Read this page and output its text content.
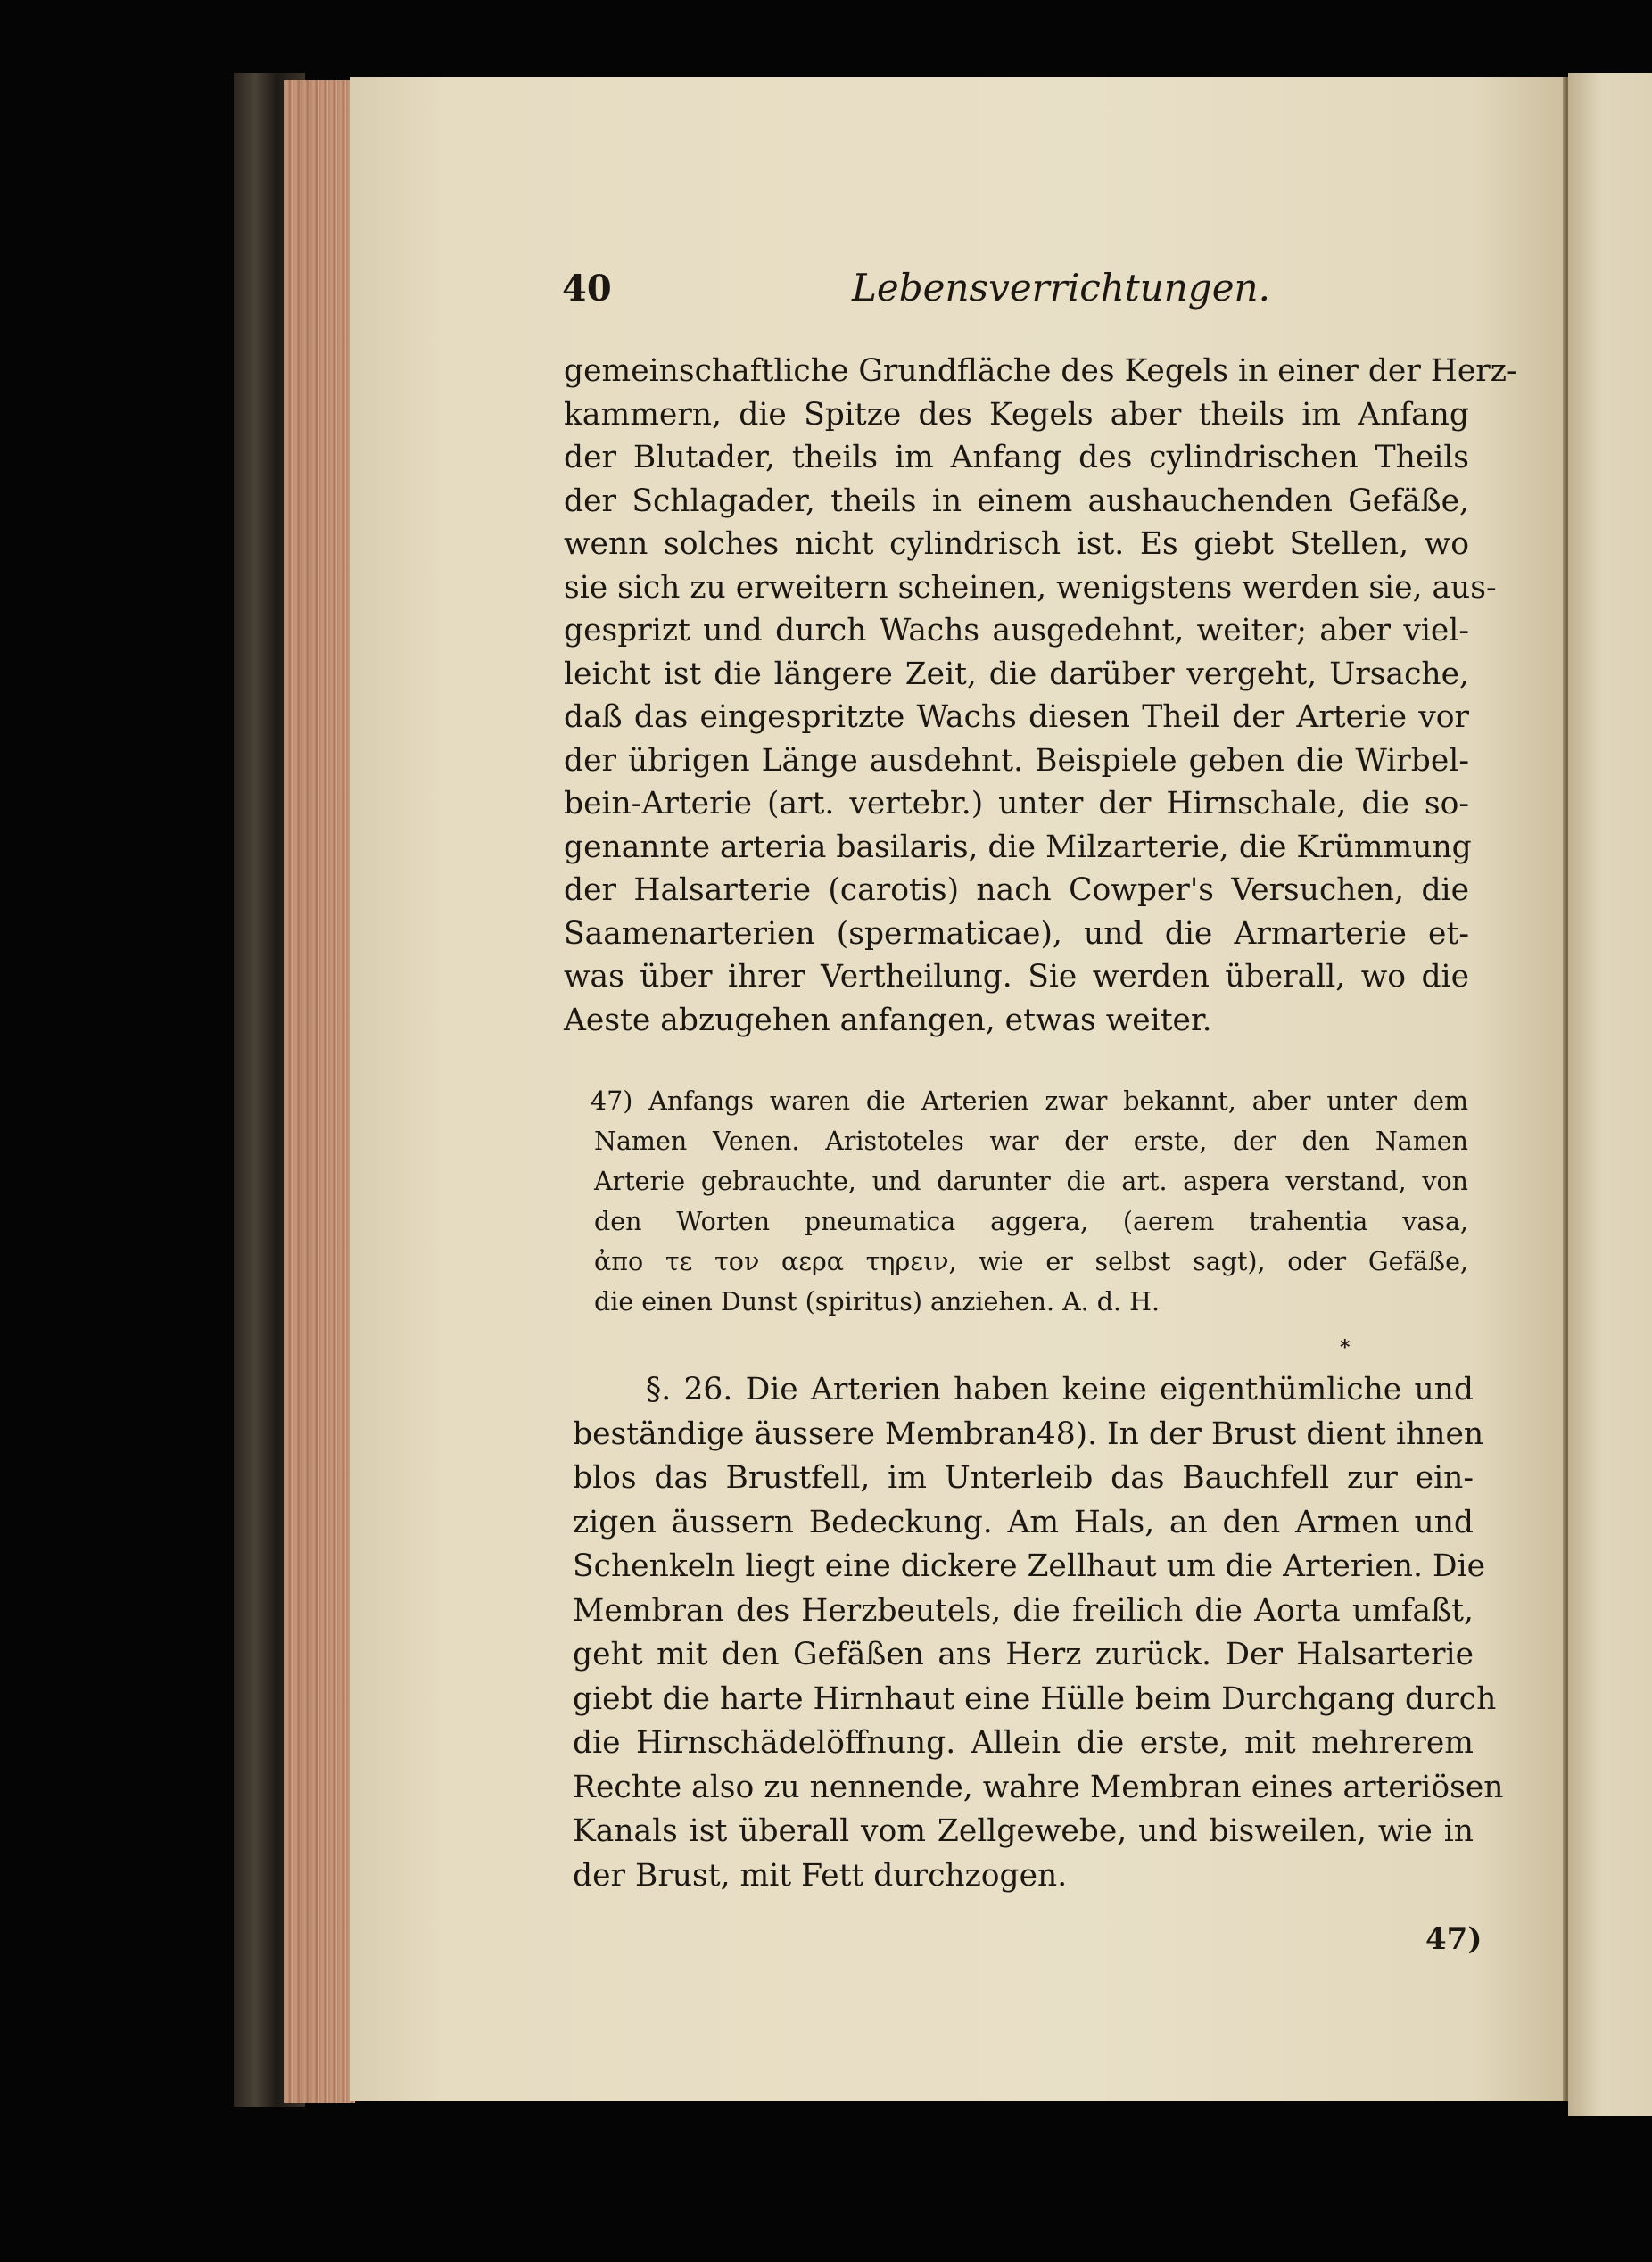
40	Lebensverrichtungen.
gemeinschaftliche Grundfläche des Kegels in einer der Herz-
kammern, die Spitze des Kegels aber theils im Anfang
der Blutader, theils im Anfang des cylindrischen Theils
der Schlagader, theils in einem aushauchenden Gefäße,
wenn solches nicht cylindrisch ist. Es giebt Stellen, wo
sie sich zu erweitern scheinen, wenigstens werden sie, aus-
gesprizt und durch Wachs ausgedehnt, weiter; aber viel-
leicht ist die längere Zeit, die darüber vergeht, Ursache,
daß das eingespritzte Wachs diesen Theil der Arterie vor
der übrigen Länge ausdehnt. Beispiele geben die Wirbel-
bein-Arterie (art. vertebr.) unter der Hirnschale, die so-
genannte arteria basilaris, die Milzarterie, die Krümmung
der Halsarterie (carotis) nach Cowper's Versuchen, die
Saamenarterien (spermaticae), und die Armarterie et-
was über ihrer Vertheilung. Sie werden überall, wo die
Aeste abzugehen anfangen, etwas weiter.
47) Anfangs waren die Arterien zwar bekannt, aber unter dem
Namen Venen. Aristoteles war der erste, der den Namen
Arterie gebrauchte, und darunter die art. aspera verstand, von
den Worten pneumatica aggera, (aerem trahentia vasa,
ἀπο τε τον αερα τηρειν, wie er selbst sagt), oder Gefäße,
die einen Dunst (spiritus) anziehen. A. d. H.
*
§. 26. Die Arterien haben keine eigenthümliche und
beständige äussere Membran48). In der Brust dient ihnen
blos das Brustfell, im Unterleib das Bauchfell zur ein-
zigen äussern Bedeckung. Am Hals, an den Armen und
Schenkeln liegt eine dickere Zellhaut um die Arterien. Die
Membran des Herzbeutels, die freilich die Aorta umfaßt,
geht mit den Gefäßen ans Herz zurück. Der Halsarterie
giebt die harte Hirnhaut eine Hülle beim Durchgang durch
die Hirnschädelöffnung. Allein die erste, mit mehrerem
Rechte also zu nennende, wahre Membran eines arteriösen
Kanals ist überall vom Zellgewebe, und bisweilen, wie in
der Brust, mit Fett durchzogen.
47)
